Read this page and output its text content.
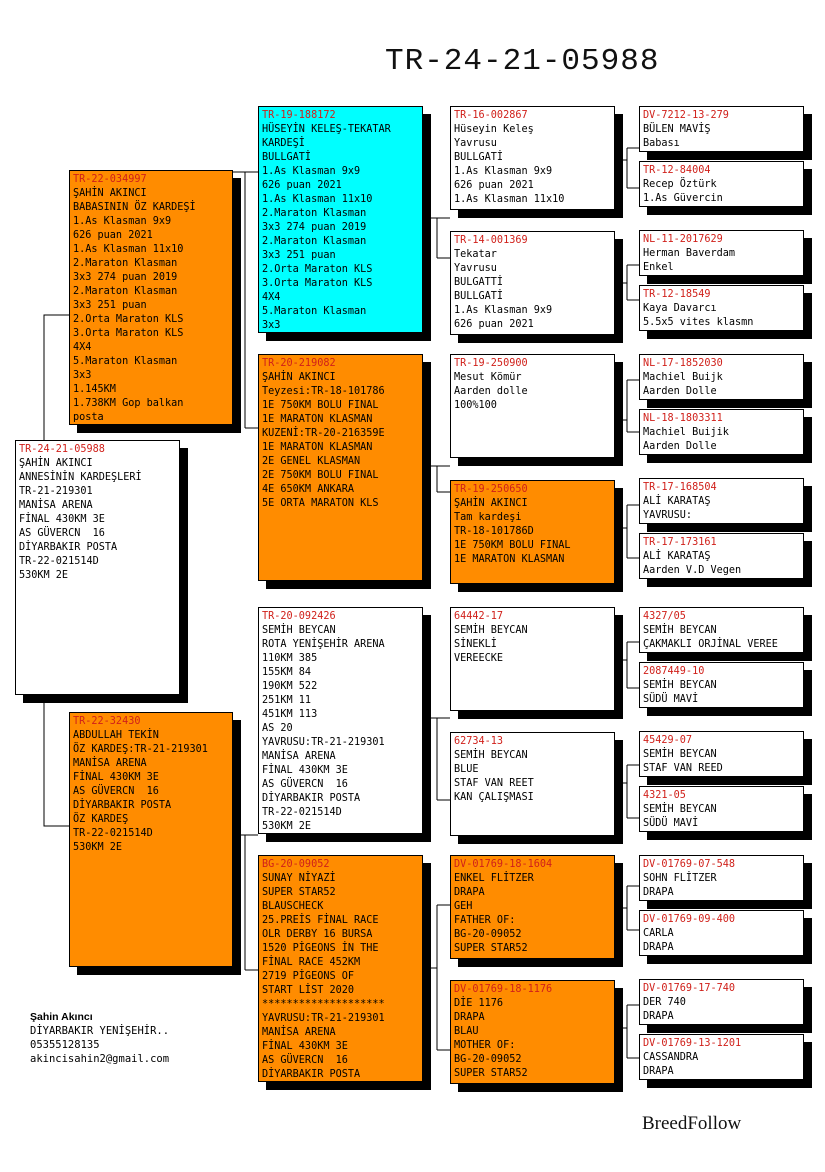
TR-24-21-05988
TR-24-21-05988
ŞAHİN AKINCI
ANNESİNİN KARDEŞLERİ
TR-21-219301
MANİSA ARENA
FİNAL 430KM 3E
AS GÜVERCN  16
DİYARBAKIR POSTA
TR-22-021514D
530KM 2E
TR-22-034997
ŞAHİN AKINCI
BABASININ ÖZ KARDEŞİ
1.As Klasman 9x9
626 puan 2021
1.As Klasman 11x10
2.Maraton Klasman
3x3 274 puan 2019
2.Maraton Klasman
3x3 251 puan
2.Orta Maraton KLS
3.Orta Maraton KLS
4X4
5.Maraton Klasman
3x3
1.145KM
1.738KM Gop balkan
posta
TR-22-32430
ABDULLAH TEKİN
ÖZ KARDEŞ:TR-21-219301
MANİSA ARENA
FİNAL 430KM 3E
AS GÜVERCN  16
DİYARBAKIR POSTA
ÖZ KARDEŞ
TR-22-021514D
530KM 2E
TR-19-188172
HÜSEYİN KELEŞ-TEKATAR
KARDEŞİ
BULLGATİ
1.As Klasman 9x9
626 puan 2021
1.As Klasman 11x10
2.Maraton Klasman
3x3 274 puan 2019
2.Maraton Klasman
3x3 251 puan
2.Orta Maraton KLS
3.Orta Maraton KLS
4X4
5.Maraton Klasman
3x3
TR-20-219082
ŞAHİN AKINCI
Teyzesi:TR-18-101786
1E 750KM BOLU FINAL
1E MARATON KLASMAN
KUZENİ:TR-20-216359E
1E MARATON KLASMAN
2E GENEL KLASMAN
2E 750KM BOLU FINAL
4E 650KM ANKARA
5E ORTA MARATON KLS
TR-20-092426
SEMİH BEYCAN
ROTA YENİŞEHİR ARENA
110KM 385
155KM 84
190KM 522
251KM 11
451KM 113
AS 20
YAVRUSU:TR-21-219301
MANİSA ARENA
FİNAL 430KM 3E
AS GÜVERCN  16
DİYARBAKIR POSTA
TR-22-021514D
530KM 2E
BG-20-09052
SUNAY NİYAZİ
SUPER STAR52
BLAUSCHECK
25.PREİS FİNAL RACE
OLR DERBY 16 BURSA
1520 PİGEONS İN THE
FİNAL RACE 452KM
2719 PİGEONS OF
START LİST 2020
********************
YAVRUSU:TR-21-219301
MANİSA ARENA
FİNAL 430KM 3E
AS GÜVERCN  16
DİYARBAKIR POSTA
TR-16-002867
Hüseyin Keleş
Yavrusu
BULLGATİ
1.As Klasman 9x9
626 puan 2021
1.As Klasman 11x10
TR-14-001369
Tekatar
Yavrusu
BULGATTİ
BULLGATİ
1.As Klasman 9x9
626 puan 2021
TR-19-250900
Mesut Kömür
Aarden dolle
100%100
TR-19-250650
ŞAHİN AKINCI
Tam kardeşi
TR-18-101786D
1E 750KM BOLU FINAL
1E MARATON KLASMAN
64442-17
SEMİH BEYCAN
SİNEKLİ
VEREECKE
62734-13
SEMİH BEYCAN
BLUE
STAF VAN REET
KAN ÇALIŞMASI
DV-01769-18-1604
ENKEL FLİTZER
DRAPA
GEH
FATHER OF:
BG-20-09052
SUPER STAR52
DV-01769-18-1176
DİE 1176
DRAPA
BLAU
MOTHER OF:
BG-20-09052
SUPER STAR52
DV-7212-13-279
BÜLEN MAVİŞ
Babası
TR-12-84004
Recep Öztürk
1.As Güvercin
NL-11-2017629
Herman Baverdam
Enkel
TR-12-18549
Kaya Davarcı
5.5x5 vites klasmn
NL-17-1852030
Machiel Buijk
Aarden Dolle
NL-18-1803311
Machiel Buijik
Aarden Dolle
TR-17-168504
ALİ KARATAŞ
YAVRUSU:
TR-17-173161
ALİ KARATAŞ
Aarden V.D Vegen
4327/05
SEMİH BEYCAN
ÇAKMAKLI ORJİNAL VEREE
2087449-10
SEMİH BEYCAN
SÜDÜ MAVİ
45429-07
SEMİH BEYCAN
STAF VAN REED
4321-05
SEMİH BEYCAN
SÜDÜ MAVİ
DV-01769-07-548
SOHN FLİTZER
DRAPA
DV-01769-09-400
CARLA
DRAPA
DV-01769-17-740
DER 740
DRAPA
DV-01769-13-1201
CASSANDRA
DRAPA
Şahin Akıncı
DİYARBAKIR YENİŞEHİR..
05355128135
akincisahin2@gmail.com
BreedFollow
